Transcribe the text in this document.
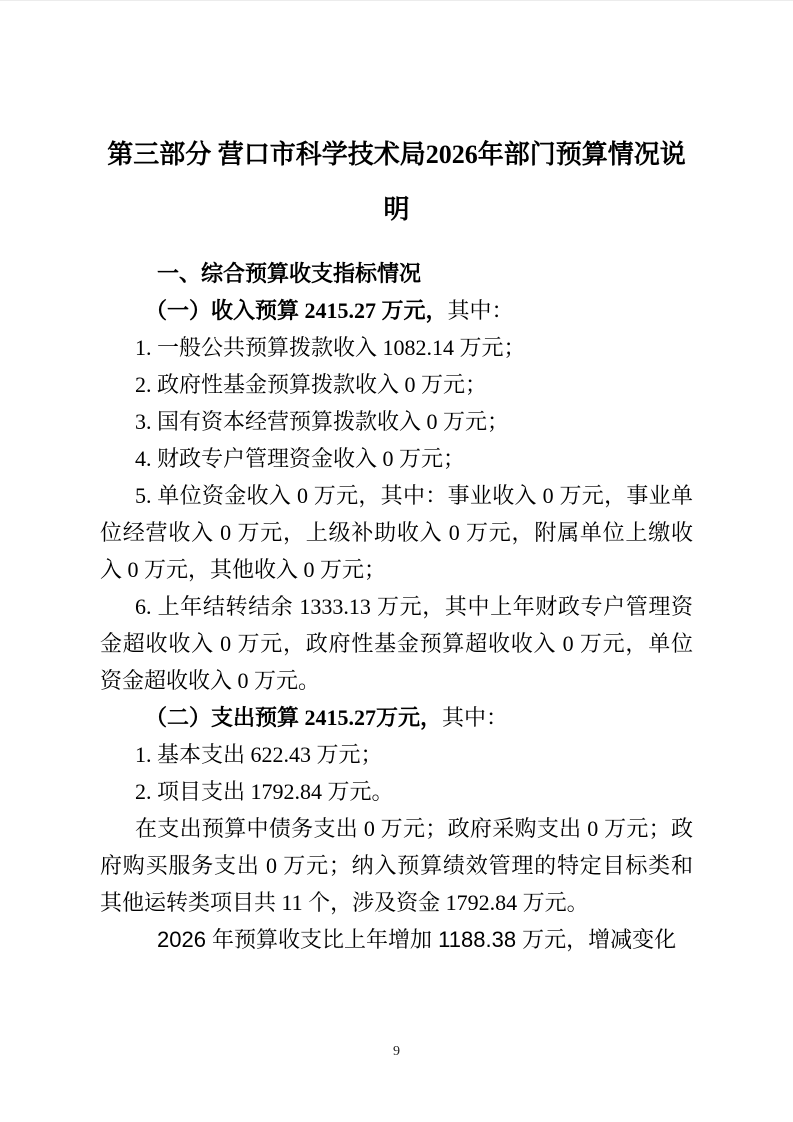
第三部分 营口市科学技术局2026年部门预算情况说明
一、综合预算收支指标情况
（一）收入预算 2415.27 万元，其中：
1. 一般公共预算拨款收入 1082.14 万元；
2. 政府性基金预算拨款收入 0 万元；
3. 国有资本经营预算拨款收入 0 万元；
4. 财政专户管理资金收入 0 万元；
5. 单位资金收入 0 万元，其中：事业收入 0 万元，事业单位经营收入 0 万元，上级补助收入 0 万元，附属单位上缴收入 0 万元，其他收入 0 万元；
6. 上年结转结余 1333.13 万元，其中上年财政专户管理资金超收收入 0 万元，政府性基金预算超收收入 0 万元，单位资金超收收入 0 万元。
（二）支出预算 2415.27万元，其中：
1. 基本支出 622.43 万元；
2. 项目支出 1792.84 万元。
在支出预算中债务支出 0 万元；政府采购支出 0 万元；政府购买服务支出 0 万元；纳入预算绩效管理的特定目标类和其他运转类项目共 11 个，涉及资金 1792.84 万元。
2026 年预算收支比上年增加 1188.38 万元，增减变化
9
